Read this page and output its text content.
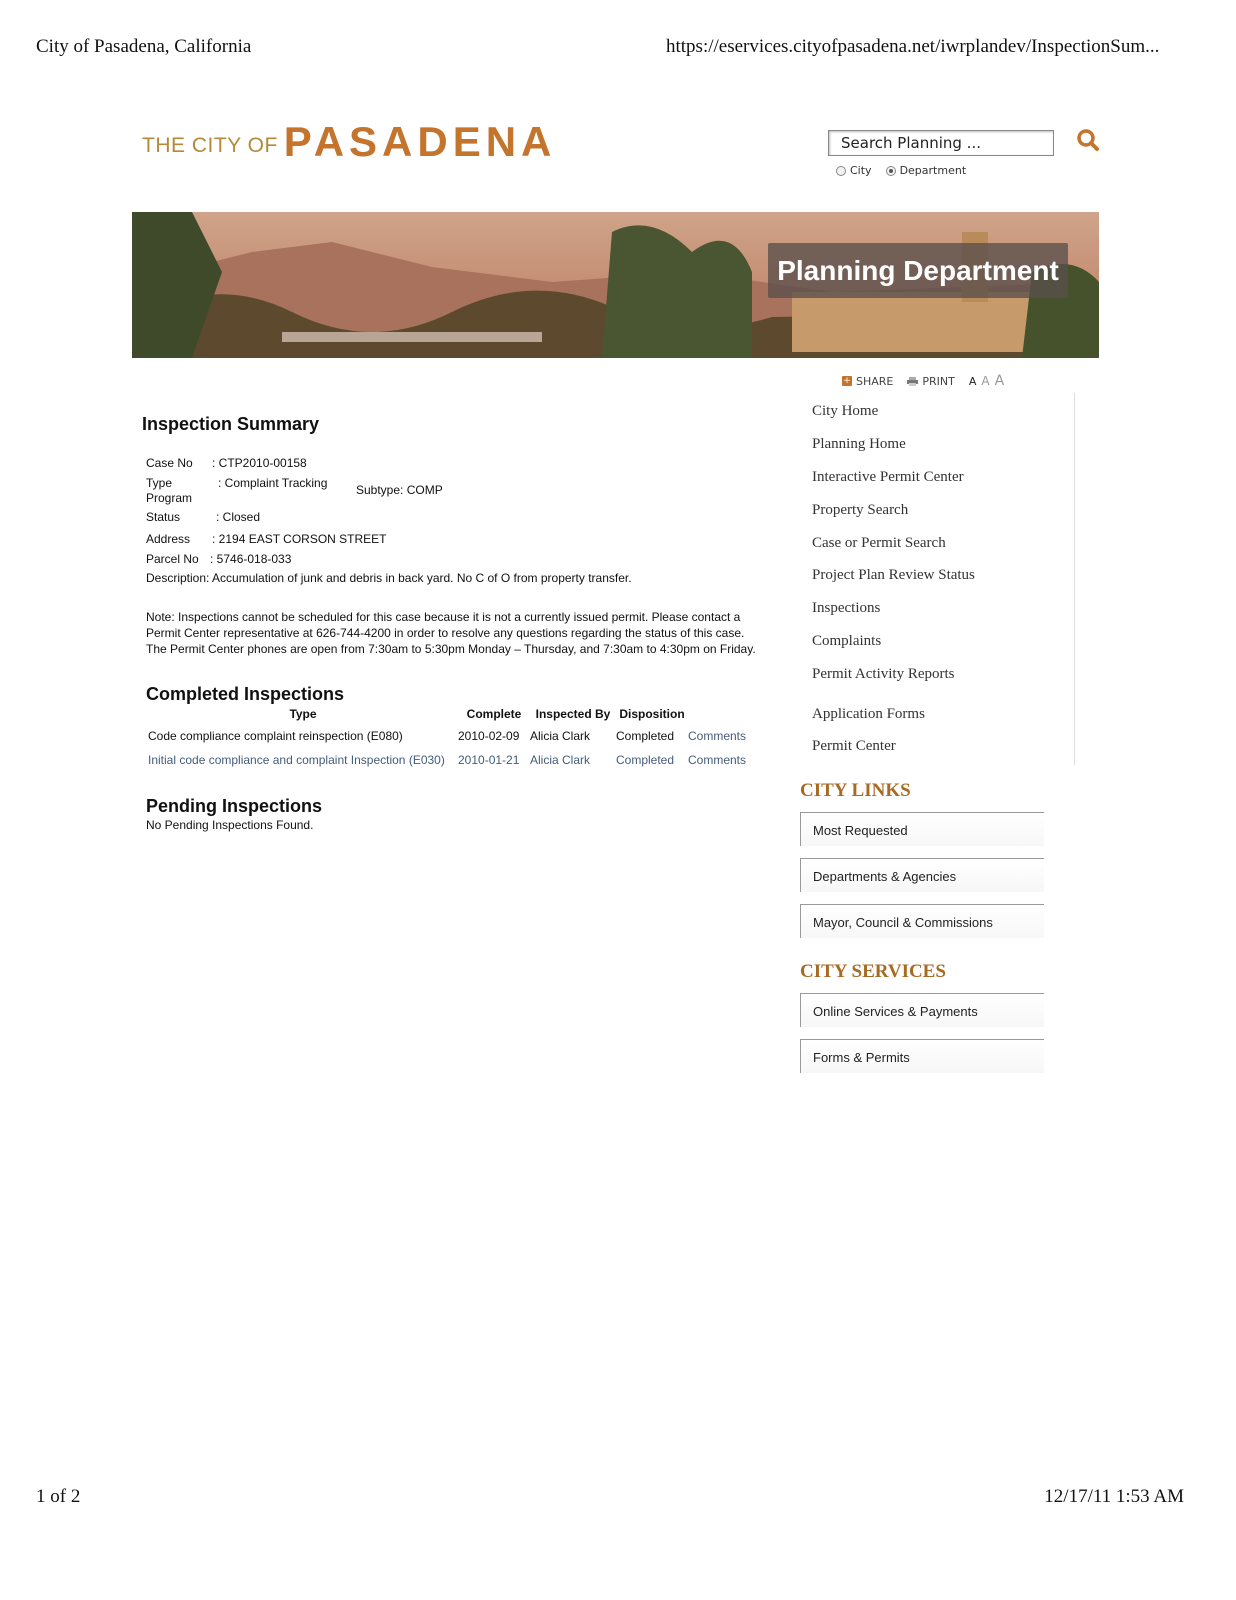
City of Pasadena, California	https://eservices.cityofpasadena.net/iwrplandev/InspectionSum...
1 of 2	12/17/11 1:53 AM
THE CITY OF PASADENA	Search Planning ...
City	Department
Planning Department
+ SHARE	PRINT A A A
Inspection Summary
Case No : CTP2010-00158
Type
Program
: Complaint Tracking Subtype: COMP
Status	: Closed
Address : 2194 EAST CORSON STREET
Parcel No : 5746-018-033
Description: Accumulation of junk and debris in back yard. No C of O from property transfer.
Note: Inspections cannot be scheduled for this case because it is not a currently issued permit. Please contact a
Permit Center representative at 626-744-4200 in order to resolve any questions regarding the status of this case.
The Permit Center phones are open from 7:30am to 5:30pm Monday – Thursday, and 7:30am to 4:30pm on Friday.
Completed Inspections
Type	Complete	Inspected By	Disposition	
Code compliance complaint reinspection (E080)	2010-02-09	Alicia Clark	Completed	Comments
Initial code compliance and complaint Inspection (E030)	2010-01-21	Alicia Clark	Completed	Comments
Pending Inspections
No Pending Inspections Found.
City Home
Planning Home
Interactive Permit Center
Property Search
Case or Permit Search
Project Plan Review Status
Inspections
Complaints
Permit Activity Reports
Application Forms
Permit Center
CITY LINKS
Most Requested
Departments & Agencies
Mayor, Council & Commissions
CITY SERVICES
Online Services & Payments
Forms & Permits
